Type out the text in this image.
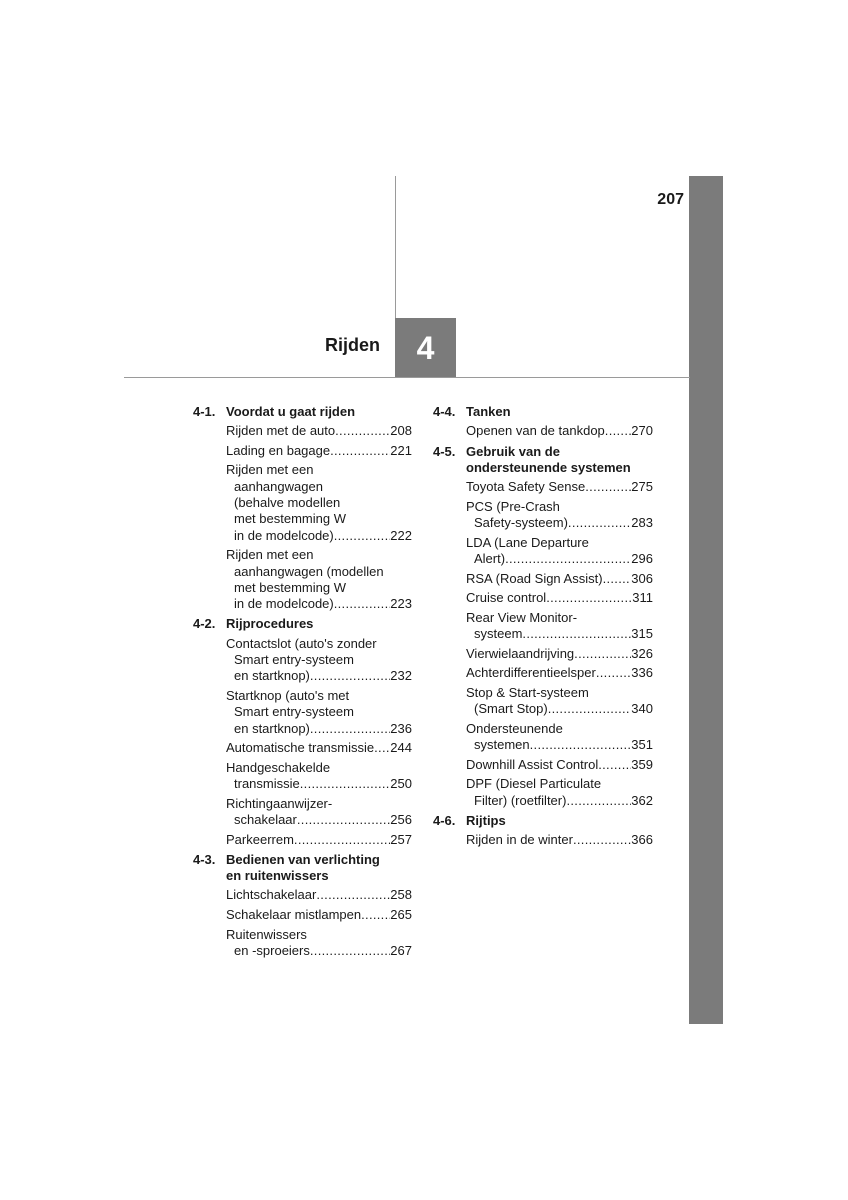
207
Rijden 4
4-1. Voordat u gaat rijden
Rijden met de auto .....	208
Lading en bagage .....	221
Rijden met een
aanhangwagen
(behalve modellen
met bestemming W
in de modelcode) .....	222
Rijden met een
aanhangwagen (modellen
met bestemming W
in de modelcode) .....	223
4-2. Rijprocedures
Contactslot (auto's zonder
Smart entry-systeem
en startknop) .....	232
Startknop (auto's met
Smart entry-systeem
en startknop) .....	236
Automatische transmissie ..... 244
Handgeschakelde
transmissie .....	250
Richtingaanwijzer-
schakelaar .....	256
Parkeerrem .....	257
4-3. Bedienen van verlichting
en ruitenwissers
Lichtschakelaar .....	258
Schakelaar mistlampen ..... 265
Ruitenwissers
en -sproeiers .....	267
4-4. Tanken
Openen van de tankdop ..... 270
4-5. Gebruik van de
ondersteunende systemen
Toyota Safety Sense .....	275
PCS (Pre-Crash
Safety-systeem) .....	283
LDA (Lane Departure
Alert) .....	296
RSA (Road Sign Assist) ..... 306
Cruise control .....	311
Rear View Monitor-
systeem .....	315
Vierwielaandrijving .....	326
Achterdifferentieelsper .....	336
Stop & Start-systeem
(Smart Stop) .....	340
Ondersteunende
systemen .....	351
Downhill Assist Control .....	359
DPF (Diesel Particulate
Filter) (roetfilter) .....	362
4-6. Rijtips
Rijden in de winter .....	366
